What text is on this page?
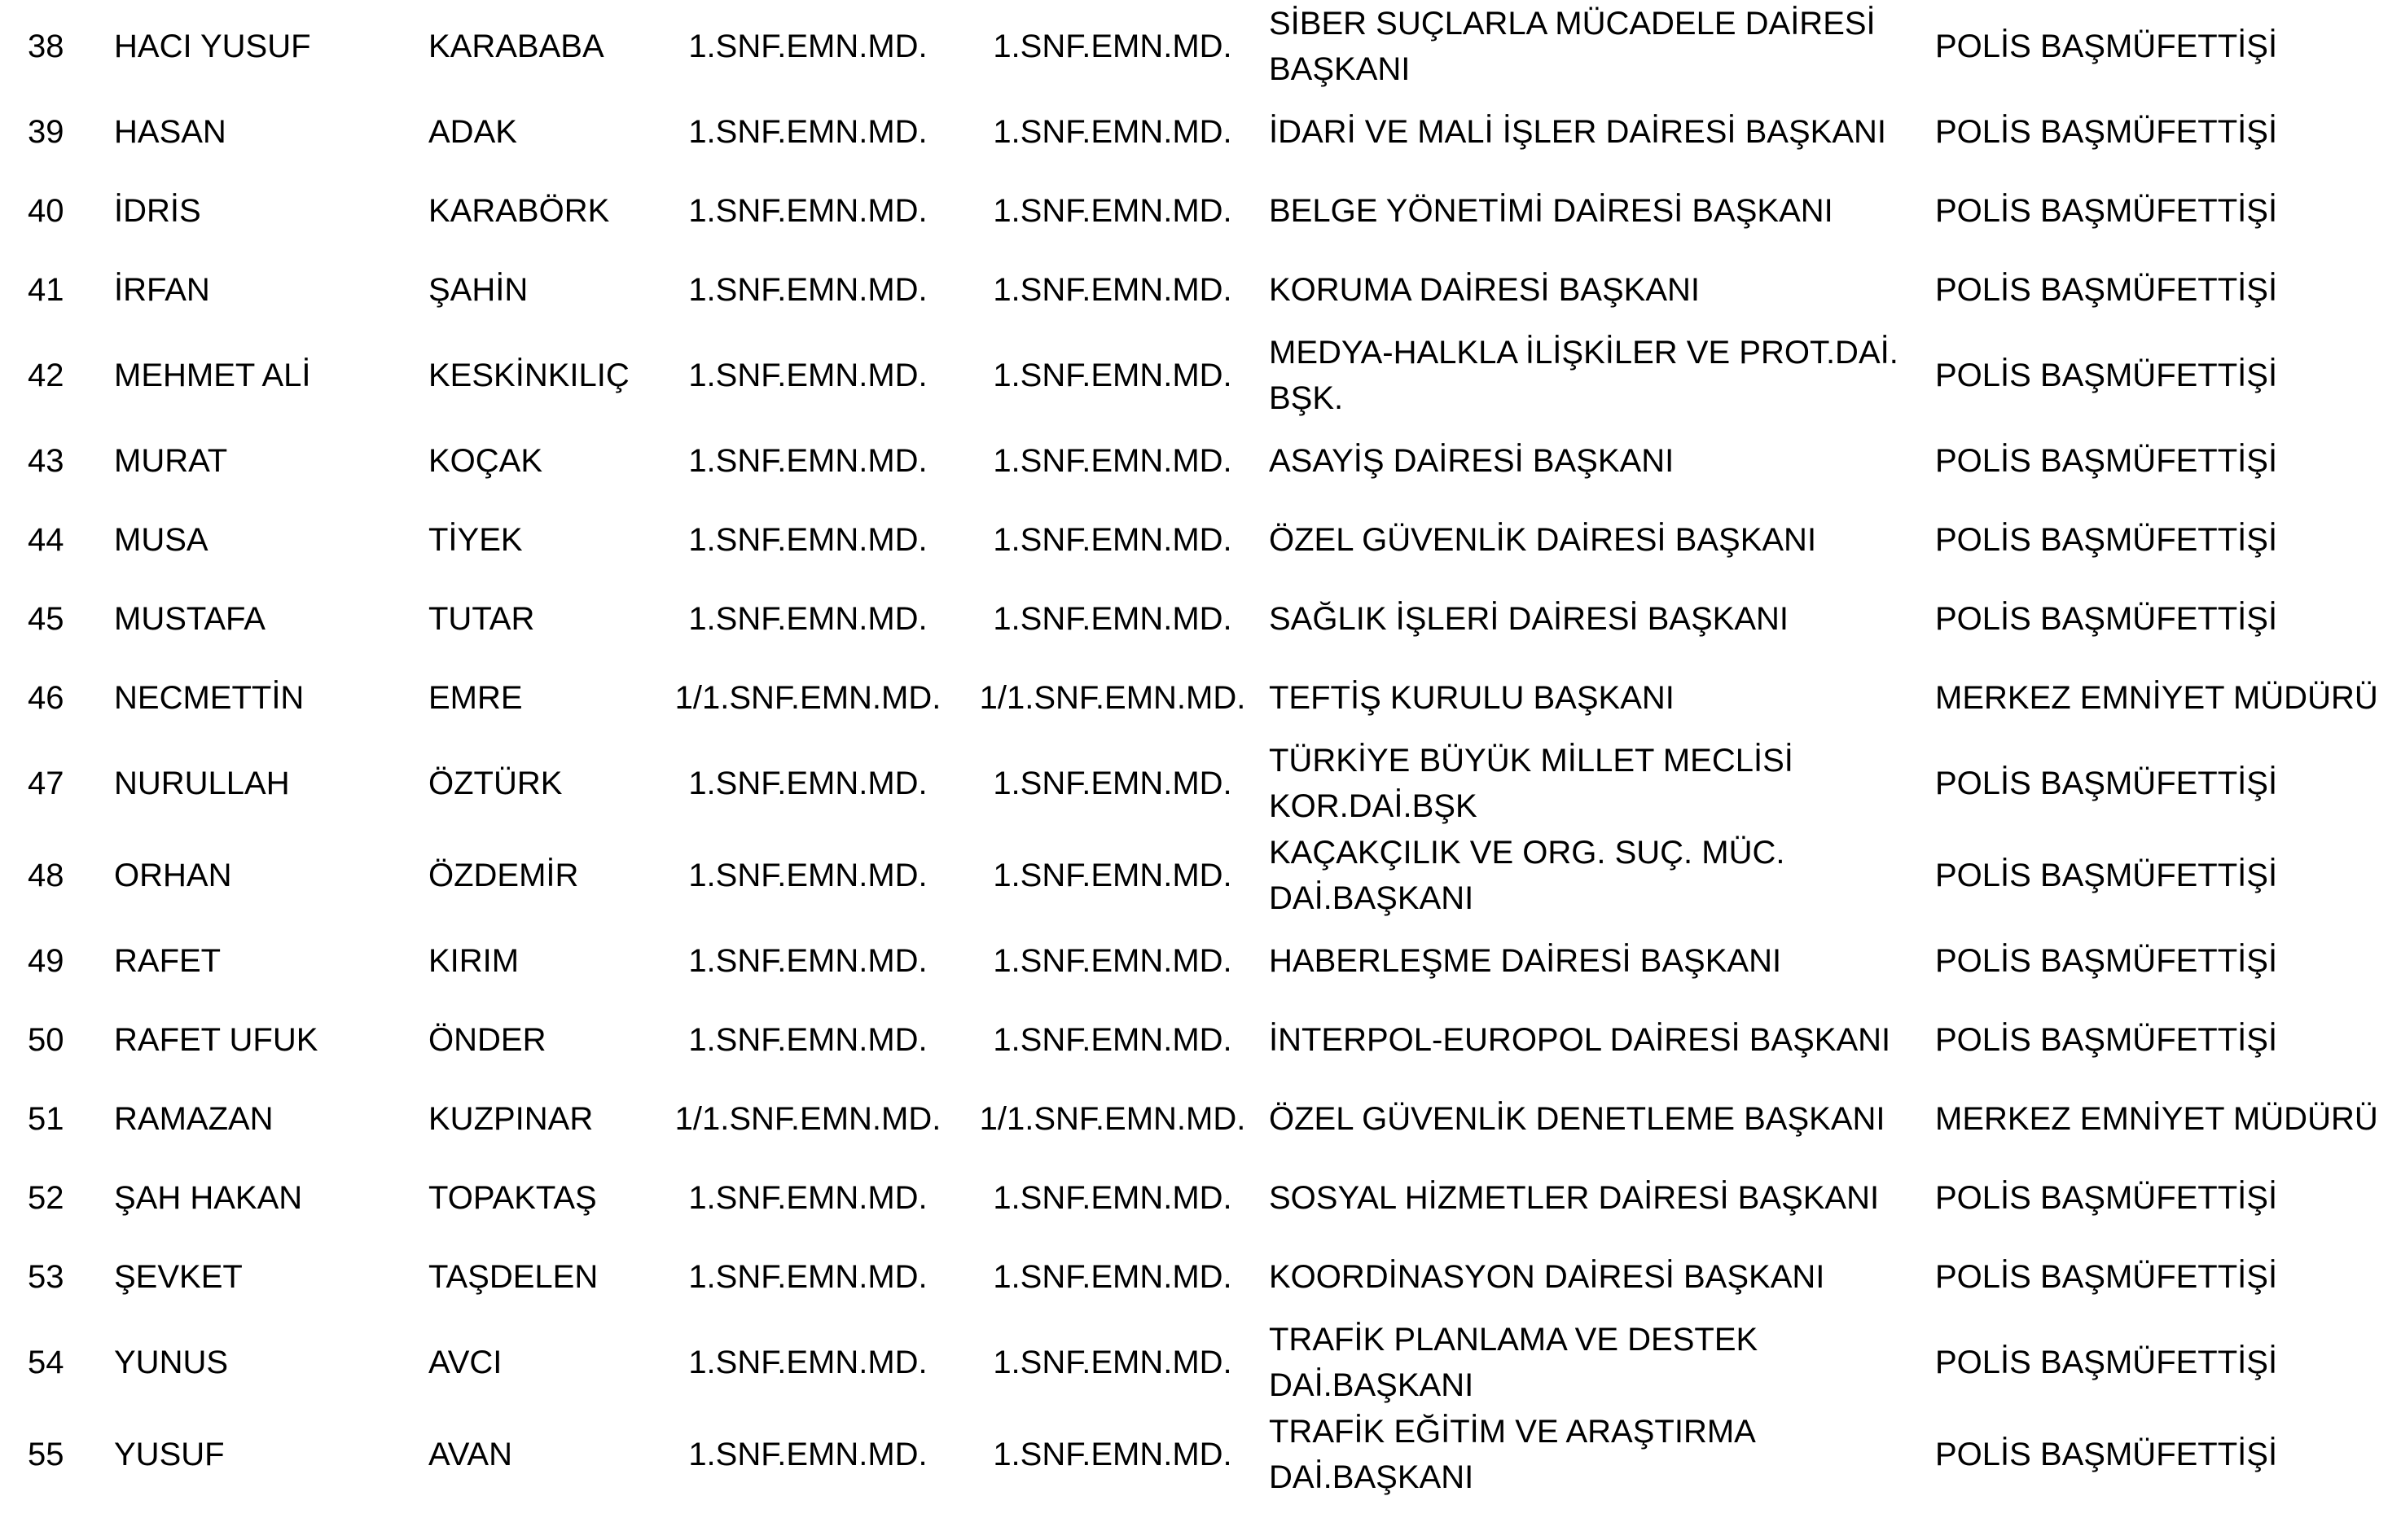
38	HACI YUSUF	KARABABA	1.SNF.EMN.MD.	1.SNF.EMN.MD.	SİBER SUÇLARLA MÜCADELE DAİRESİ BAŞKANI	POLİS BAŞMÜFETTİŞİ
39	HASAN	ADAK	1.SNF.EMN.MD.	1.SNF.EMN.MD.	İDARİ VE MALİ İŞLER DAİRESİ BAŞKANI	POLİS BAŞMÜFETTİŞİ
40	İDRİS	KARABÖRK	1.SNF.EMN.MD.	1.SNF.EMN.MD.	BELGE YÖNETİMİ DAİRESİ BAŞKANI	POLİS BAŞMÜFETTİŞİ
41	İRFAN	ŞAHİN	1.SNF.EMN.MD.	1.SNF.EMN.MD.	KORUMA DAİRESİ BAŞKANI	POLİS BAŞMÜFETTİŞİ
42	MEHMET ALİ	KESKİNKILIÇ	1.SNF.EMN.MD.	1.SNF.EMN.MD.	MEDYA-HALKLA İLİŞKİLER VE PROT.DAİ. BŞK.	POLİS BAŞMÜFETTİŞİ
43	MURAT	KOÇAK	1.SNF.EMN.MD.	1.SNF.EMN.MD.	ASAYİŞ DAİRESİ BAŞKANI	POLİS BAŞMÜFETTİŞİ
44	MUSA	TİYEK	1.SNF.EMN.MD.	1.SNF.EMN.MD.	ÖZEL GÜVENLİK DAİRESİ BAŞKANI	POLİS BAŞMÜFETTİŞİ
45	MUSTAFA	TUTAR	1.SNF.EMN.MD.	1.SNF.EMN.MD.	SAĞLIK İŞLERİ DAİRESİ BAŞKANI	POLİS BAŞMÜFETTİŞİ
46	NECMETTİN	EMRE	1/1.SNF.EMN.MD.	1/1.SNF.EMN.MD.	TEFTİŞ KURULU BAŞKANI	MERKEZ EMNİYET MÜDÜRÜ
47	NURULLAH	ÖZTÜRK	1.SNF.EMN.MD.	1.SNF.EMN.MD.	TÜRKİYE BÜYÜK MİLLET MECLİSİ KOR.DAİ.BŞK	POLİS BAŞMÜFETTİŞİ
48	ORHAN	ÖZDEMİR	1.SNF.EMN.MD.	1.SNF.EMN.MD.	KAÇAKÇILIK VE ORG. SUÇ. MÜC. DAİ.BAŞKANI	POLİS BAŞMÜFETTİŞİ
49	RAFET	KIRIM	1.SNF.EMN.MD.	1.SNF.EMN.MD.	HABERLEŞME DAİRESİ BAŞKANI	POLİS BAŞMÜFETTİŞİ
50	RAFET UFUK	ÖNDER	1.SNF.EMN.MD.	1.SNF.EMN.MD.	İNTERPOL-EUROPOL DAİRESİ BAŞKANI	POLİS BAŞMÜFETTİŞİ
51	RAMAZAN	KUZPINAR	1/1.SNF.EMN.MD.	1/1.SNF.EMN.MD.	ÖZEL GÜVENLİK DENETLEME BAŞKANI	MERKEZ EMNİYET MÜDÜRÜ
52	ŞAH HAKAN	TOPAKTAŞ	1.SNF.EMN.MD.	1.SNF.EMN.MD.	SOSYAL HİZMETLER DAİRESİ BAŞKANI	POLİS BAŞMÜFETTİŞİ
53	ŞEVKET	TAŞDELEN	1.SNF.EMN.MD.	1.SNF.EMN.MD.	KOORDİNASYON DAİRESİ BAŞKANI	POLİS BAŞMÜFETTİŞİ
54	YUNUS	AVCI	1.SNF.EMN.MD.	1.SNF.EMN.MD.	TRAFİK PLANLAMA VE DESTEK DAİ.BAŞKANI	POLİS BAŞMÜFETTİŞİ
55	YUSUF	AVAN	1.SNF.EMN.MD.	1.SNF.EMN.MD.	TRAFİK EĞİTİM VE ARAŞTIRMA DAİ.BAŞKANI	POLİS BAŞMÜFETTİŞİ
